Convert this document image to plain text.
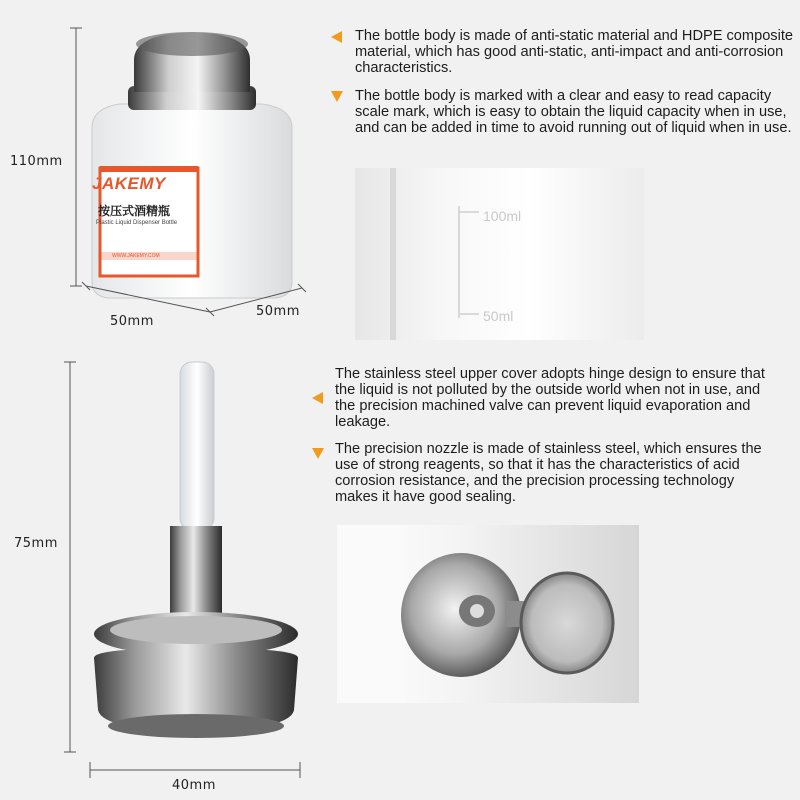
110mm
JAKEMY
按压式酒精瓶
Plastic Liquid Dispenser Bottle
WWW.JAKEMY.COM
50mm
50mm
The bottle body is made of anti-static material and HDPE composite material, which has good anti-static, anti-impact and anti-corrosion characteristics.
The bottle body is marked with a clear and easy to read capacity scale mark, which is easy to obtain the liquid capacity when in use, and can be added in time to avoid running out of liquid when in use.
100ml
50ml
75mm
40mm
The stainless steel upper cover adopts hinge design to ensure that the liquid is not polluted by the outside world when not in use, and the precision machined valve can prevent liquid evaporation and leakage.
The precision nozzle is made of stainless steel, which ensures the use of strong reagents, so that it has the characteristics of acid corrosion resistance, and the precision processing technology makes it have good sealing.
